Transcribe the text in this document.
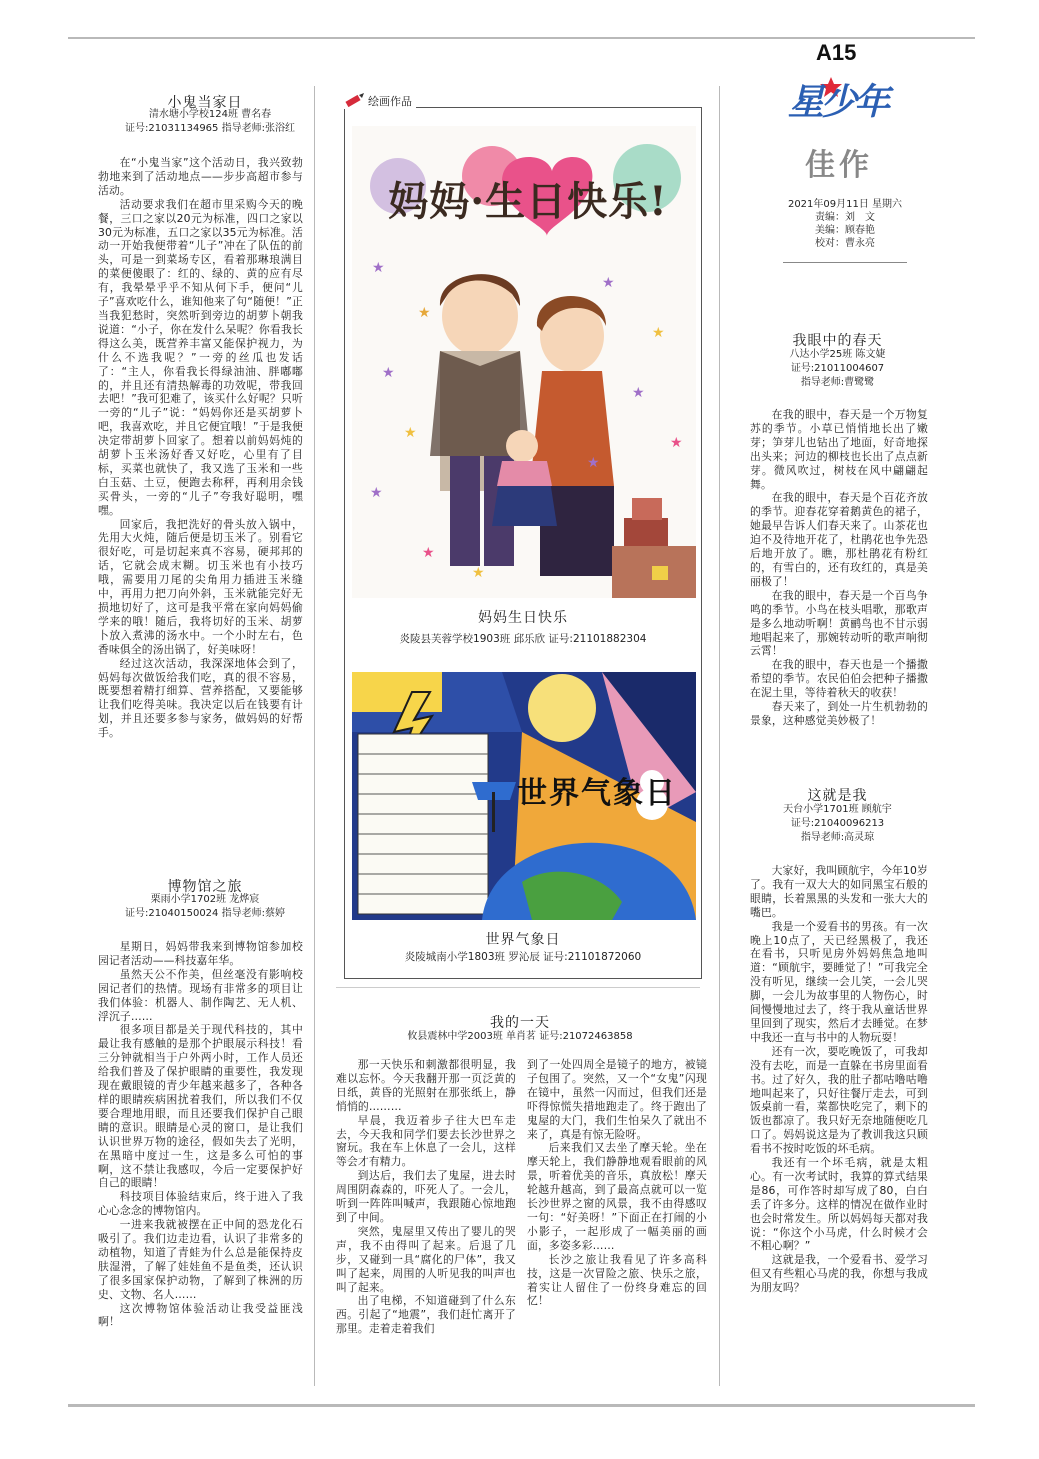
A15
星少年
佳作
2021年09月11日 星期六
责编：刘　文
美编：顾春艳
校对：曹永亮
小鬼当家日
清水塘小学校124班 曹名春
证号:21031134965 指导老师:张浴红

在“小鬼当家”这个活动日，我兴致勃勃地来到了活动地点——步步高超市参与活动。

活动要求我们在超市里采购今天的晚餐，三口之家以20元为标准，四口之家以30元为标准，五口之家以35元为标准。活动一开始我便带着“儿子”冲在了队伍的前头，可是一到菜场专区，看着那琳琅满目的菜便傻眼了：红的、绿的、黄的应有尽有，我晕晕乎乎不知从何下手，便问“儿子”喜欢吃什么，谁知他来了句“随便！”正当我犯愁时，突然听到旁边的胡萝卜朝我说道：“小子，你在发什么呆呢？你看我长得这么美，既营养丰富又能保护视力，为什么不选我呢？”一旁的丝瓜也发话了：“主人，你看我长得绿油油、胖嘟嘟的，并且还有清热解毒的功效呢，带我回去吧！”我可犯难了，该买什么好呢？只听一旁的“儿子”说：“妈妈你还是买胡萝卜吧，我喜欢吃，并且它便宜哦！”于是我便决定带胡萝卜回家了。想着以前妈妈炖的胡萝卜玉米汤好香又好吃，心里有了目标，买菜也就快了，我又选了玉米和一些白玉菇、土豆，便跑去称秤，再利用余钱买骨头，一旁的“儿子”夸我好聪明，嘿嘿。

回家后，我把洗好的骨头放入锅中，先用大火炖，随后便是切玉米了。别看它很好吃，可是切起来真不容易，硬邦邦的话，它就会成末糊。切玉米也有小技巧哦，需要用刀尾的尖角用力插进玉米缝中，再用力把刀向外斜，玉米就能完好无损地切好了，这可是我平常在家向妈妈偷学来的哦！随后，我将切好的玉米、胡萝卜放入煮沸的汤水中。一个小时左右，色香味俱全的汤出锅了，好美味呀！

经过这次活动，我深深地体会到了，妈妈每次做饭给我们吃，真的很不容易，既要想着精打细算、营养搭配，又要能够让我们吃得美味。我决定以后在钱要有计划，并且还要多参与家务，做妈妈的好帮手。

博物馆之旅
栗雨小学1702班 龙烨宸
证号:21040150024 指导老师:蔡婷

星期日，妈妈带我来到博物馆参加校园记者活动——科技嘉年华。

虽然天公不作美，但丝毫没有影响校园记者们的热情。现场有非常多的项目让我们体验：机器人、制作陶艺、无人机、浮沉子……

很多项目都是关于现代科技的，其中最让我有感触的是那个护眼展示科技！看三分钟就相当于户外两小时，工作人员还给我们普及了保护眼睛的重要性，我发现现在戴眼镜的青少年越来越多了，各种各样的眼睛疾病困扰着我们，所以我们不仅要合理地用眼，而且还要我们保护自己眼睛的意识。眼睛是心灵的窗口，是让我们认识世界万物的途径，假如失去了光明，在黑暗中度过一生，这是多么可怕的事啊，这不禁让我感叹，今后一定要保护好自己的眼睛！

科技项目体验结束后，终于进入了我心心念念的博物馆内。

一进来我就被摆在正中间的恐龙化石吸引了。我们边走边看，认识了非常多的动植物，知道了青蛙为什么总是能保持皮肤湿滑，了解了娃娃鱼不是鱼类，还认识了很多国家保护动物，了解到了株洲的历史、文物、名人……

这次博物馆体验活动让我受益匪浅啊！

绘画作品
★
★
★
★
★
★
★
★
★
★
★
★
妈妈·生日快乐!
妈妈生日快乐
炎陵县芙蓉学校1903班 邱乐欣 证号:21101882304
世界气象日
世界气象日
炎陵城南小学1803班 罗沁辰 证号:21101872060
我的一天
攸县震林中学2003班 单肖茗 证号:21072463858

那一天快乐和刺激都很明显，我难以忘怀。今天我翻开那一页泛黄的日纸，黄昏的光照射在那张纸上，静悄悄的………

早晨，我迈着步子往大巴车走去，今天我和同学们要去长沙世界之窗玩。我在车上休息了一会儿，这样等会才有精力。

到达后，我们去了鬼屋，进去时周围阴森森的，吓死人了。一会儿，听到一阵阵叫喊声，我跟随心惊地跑到了中间。

突然，鬼屋里又传出了婴儿的哭声，我不由得叫了起来。后退了几步，又碰到一具“腐化的尸体”，我又叫了起来，周围的人听见我的叫声也叫了起来。

出了电梯，不知道碰到了什么东西。引起了“地震”，我们赶忙离开了那里。走着走着我们

到了一处四周全是镜子的地方，被镜子包围了。突然，又一个“女鬼”闪现在镜中，虽然一闪而过，但我们还是吓得惊慌失措地跑走了。终于跑出了鬼屋的大门，我们生怕呆久了就出不来了，真是有惊无险呀。

后来我们又去坐了摩天轮。坐在摩天轮上，我们静静地观看眼前的风景，听着优美的音乐，真放松！摩天轮越升越高，到了最高点就可以一览长沙世界之窗的风景，我不由得感叹一句：“好美呀！”下面正在打闹的小小影子，一起形成了一幅美丽的画面，多姿多彩……

长沙之旅让我看见了许多高科技，这是一次冒险之旅、快乐之旅，着实让人留住了一份终身难忘的回忆！

我眼中的春天
八达小学25班 陈文婕
证号:21011004607
指导老师:曹鹭鹭

在我的眼中，春天是一个万物复苏的季节。小草已悄悄地长出了嫩芽；笋芽儿也钻出了地面，好奇地探出头来；河边的柳枝也长出了点点新芽。微风吹过，树枝在风中翩翩起舞。

在我的眼中，春天是个百花齐放的季节。迎春花穿着鹅黄色的裙子，她最早告诉人们春天来了。山茶花也迫不及待地开花了，杜鹃花也争先恐后地开放了。瞧，那杜鹃花有粉红的，有雪白的，还有玫红的，真是美丽极了！

在我的眼中，春天是一个百鸟争鸣的季节。小鸟在枝头唱歌，那歌声是多么地动听啊！黄鹂鸟也不甘示弱地唱起来了，那婉转动听的歌声响彻云霄！

在我的眼中，春天也是一个播撒希望的季节。农民伯伯会把种子播撒在泥土里，等待着秋天的收获！

春天来了，到处一片生机勃勃的景象，这种感觉美妙极了！

这就是我
天台小学1701班 顾航宇
证号:21040096213
指导老师:高灵琼

大家好，我叫顾航宇，今年10岁了。我有一双大大的如同黑宝石般的眼睛，长着黑黑的头发和一张大大的嘴巴。

我是一个爱看书的男孩。有一次晚上10点了，天已经黑极了，我还在看书，只听见房外妈妈焦急地叫道：“顾航宇，要睡觉了！”可我完全没有听见，继续一会儿笑，一会儿哭脚，一会儿为故事里的人物伤心，时间慢慢地过去了，终于我从童话世界里回到了现实，然后才去睡觉。在梦中我还一直与书中的人物玩耍！

还有一次，要吃晚饭了，可我却没有去吃，而是一直躲在书房里面看书。过了好久，我的肚子都咕噜咕噜地叫起来了，只好往餐厅走去，可到饭桌前一看，菜都快吃完了，剩下的饭也都凉了。我只好无奈地随便吃几口了。妈妈说这是为了教训我这只顾看书不按时吃饭的坏毛病。

我还有一个坏毛病，就是太粗心。有一次考试时，我算的算式结果是86，可作答时却写成了80，白白丢了许多分。这样的情况在做作业时也会时常发生。所以妈妈每天都对我说：“你这个小马虎，什么时候才会不粗心啊？”

这就是我，一个爱看书、爱学习但又有些粗心马虎的我，你想与我成为朋友吗？
